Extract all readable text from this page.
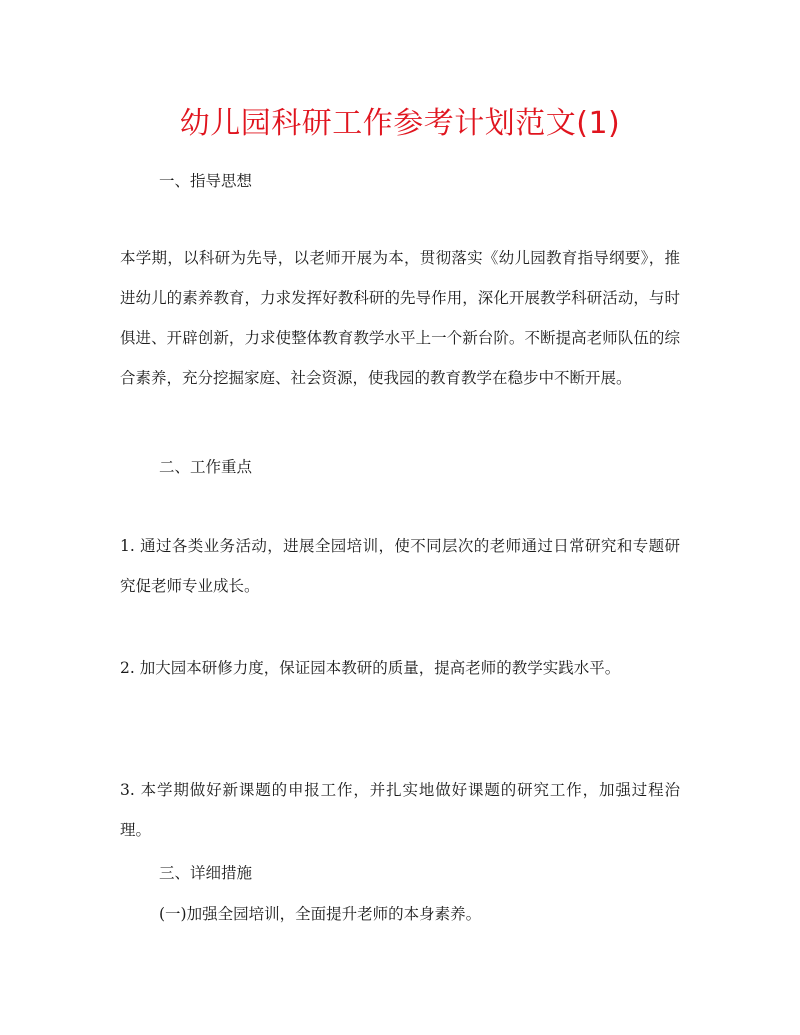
幼儿园科研工作参考计划范文(1)
一、指导思想
本学期，以科研为先导，以老师开展为本，贯彻落实《幼儿园教育指导纲要》，推进幼儿的素养教育，力求发挥好教科研的先导作用，深化开展教学科研活动，与时俱进、开辟创新，力求使整体教育教学水平上一个新台阶。不断提高老师队伍的综合素养，充分挖掘家庭、社会资源，使我园的教育教学在稳步中不断开展。
二、工作重点
1. 通过各类业务活动，进展全园培训，使不同层次的老师通过日常研究和专题研究促老师专业成长。
2. 加大园本研修力度，保证园本教研的质量，提高老师的教学实践水平。
3. 本学期做好新课题的申报工作，并扎实地做好课题的研究工作，加强过程治理。
三、详细措施
(一)加强全园培训，全面提升老师的本身素养。
